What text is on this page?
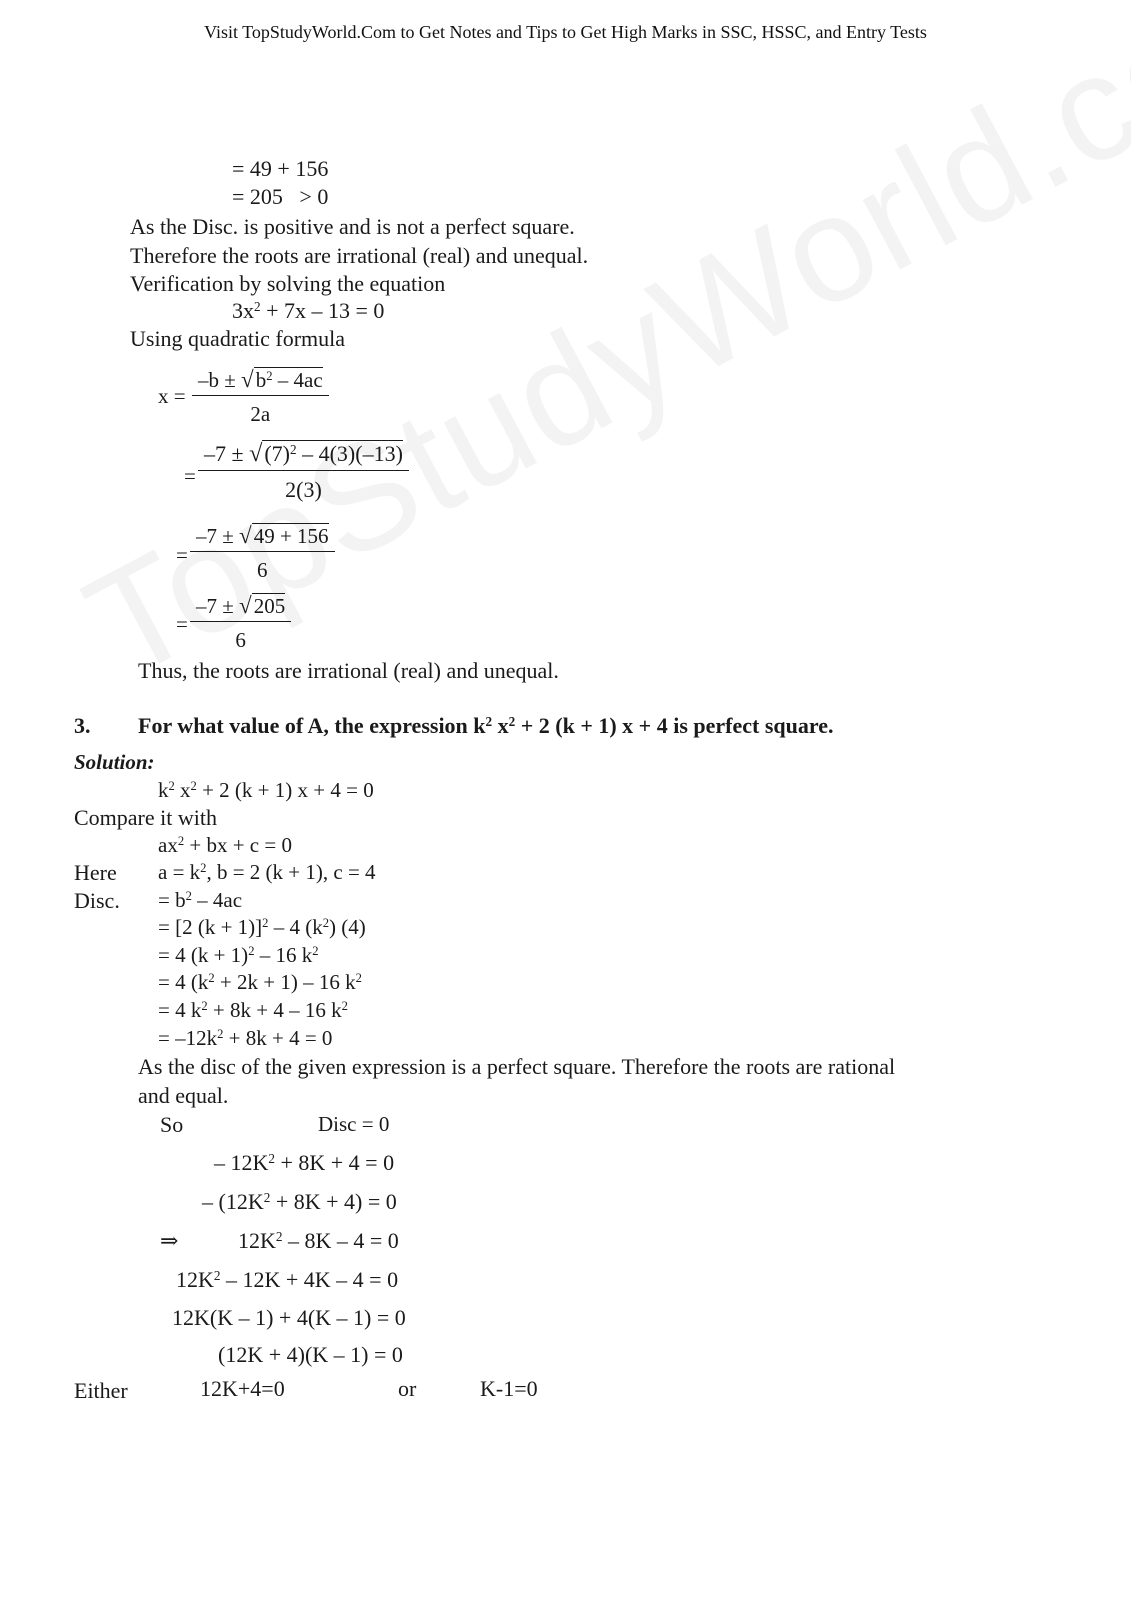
Visit TopStudyWorld.Com to Get Notes and Tips to Get High Marks in SSC, HSSC, and Entry Tests
= 49 + 156
= 205   > 0
As the Disc. is positive and is not a perfect square.
Therefore the roots are irrational (real) and unequal.
Verification by solving the equation
$3x^2 + 7x - 13 = 0$
Using quadratic formula
$x = \frac{-b \pm √b^2 - 4ac}{2a}$
= $\frac{-7 \pm √(7)^2 - 4(3)(-13)}{2(3)}$
= $\frac{-7 \pm √49 + 156}{6}$
= $\frac{-7 \pm √205}{6}$
Thus, the roots are irrational (real) and unequal.
3. For what value of A, the expression $k^2$ $x^2 + 2$ (k + 1) x + 4 is perfect square.
Solution:
$k^2$ $x^2 + 2$ (k + 1) x + 4 = 0
Compare it with
$ax^2$ + bx + c = 0
Here $a = k^2$, b = 2 (k + 1), c = 4
Disc. = $b^2 - 4ac$
= [2 (k + 1)]$^2$ – 4 $(k^2)$ (4)
= 4 $(k + 1)^2 - 16$ $k^2$
= 4 $(k^2 + 2k + 1) - 16$ $k^2$
= 4 $k^2 + 8k + 4 - 16$ $k^2$
= $-12k^2 + 8k + 4 = 0$
As the disc of the given expression is a perfect square. Therefore the roots are rational
and equal.
So	Disc = 0
– $12K^2 + 8K + 4 = 0$
– $(12K^2 + 8K + 4) = 0$
⇒	$12K^2 - 8K - 4 = 0$
$12K^2 - 12K + 4K - 4 = 0$
12K(K – 1) + 4(K – 1) = 0
(12K + 4)(K – 1) = 0
Either	12K+4=0	or	K-1=0
